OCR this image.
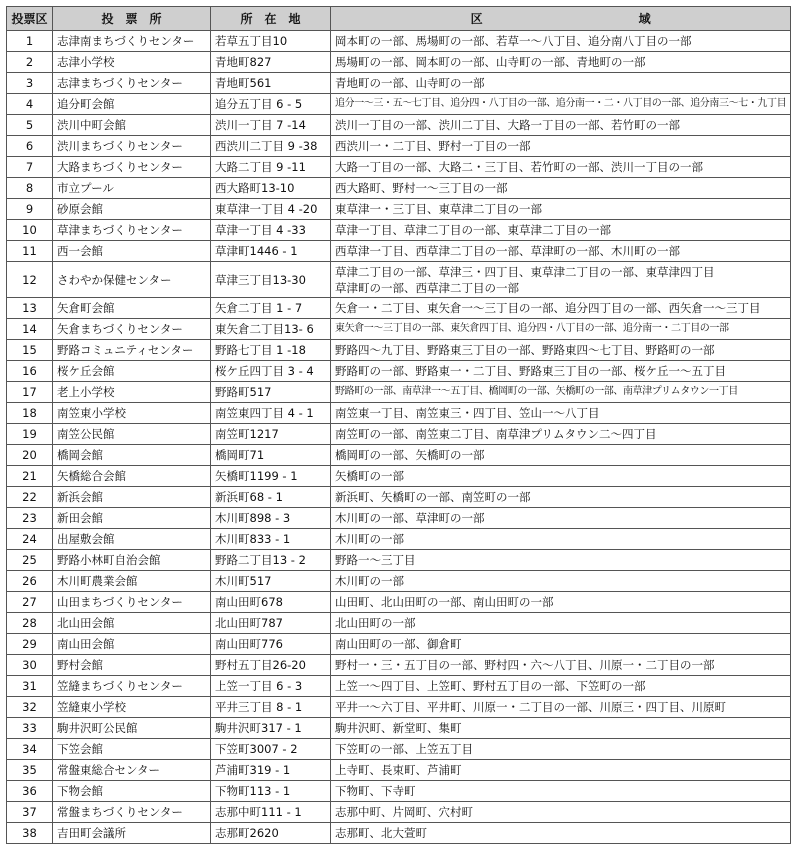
投票区	投　票　所	所　在　地	区　　　　　　　　　　　　　域
1	志津南まちづくりセンター	若草五丁目10	岡本町の一部、馬場町の一部、若草一～八丁目、追分南八丁目の一部

2	志津小学校	青地町827	馬場町の一部、岡本町の一部、山寺町の一部、青地町の一部

3	志津まちづくりセンター	青地町561	青地町の一部、山寺町の一部

4	追分町会館	追分五丁目 6 - 5	追分一～三・五～七丁目、追分四・八丁目の一部、追分南一・二・八丁目の一部、追分南三～七・九丁目

5	渋川中町会館	渋川一丁目 7 -14	渋川一丁目の一部、渋川二丁目、大路一丁目の一部、若竹町の一部

6	渋川まちづくりセンター	西渋川二丁目 9 -38	西渋川一・二丁目、野村一丁目の一部

7	大路まちづくりセンター	大路二丁目 9 -11	大路一丁目の一部、大路二・三丁目、若竹町の一部、渋川一丁目の一部

8	市立プール	西大路町13-10	西大路町、野村一～三丁目の一部

9	砂原会館	東草津一丁目 4 -20	東草津一・三丁目、東草津二丁目の一部

10	草津まちづくりセンター	草津一丁目 4 -33	草津一丁目、草津二丁目の一部、東草津二丁目の一部

11	西一会館	草津町1446 - 1	西草津一丁目、西草津二丁目の一部、草津町の一部、木川町の一部

12	さわやか保健センター	草津三丁目13-30	草津二丁目の一部、草津三・四丁目、東草津二丁目の一部、東草津四丁目
草津町の一部、西草津二丁目の一部

13	矢倉町会館	矢倉二丁目 1 - 7	矢倉一・二丁目、東矢倉一～三丁目の一部、追分四丁目の一部、西矢倉一～三丁目

14	矢倉まちづくりセンター	東矢倉二丁目13- 6	東矢倉一～三丁目の一部、東矢倉四丁目、追分四・八丁目の一部、追分南一・二丁目の一部

15	野路コミュニティセンター	野路七丁目 1 -18	野路四～九丁目、野路東三丁目の一部、野路東四～七丁目、野路町の一部

16	桜ケ丘会館	桜ケ丘四丁目 3 - 4	野路町の一部、野路東一・二丁目、野路東三丁目の一部、桜ケ丘一～五丁目

17	老上小学校	野路町517	野路町の一部、南草津一～五丁目、橋岡町の一部、矢橋町の一部、南草津プリムタウン一丁目

18	南笠東小学校	南笠東四丁目 4 - 1	南笠東一丁目、南笠東三・四丁目、笠山一～八丁目

19	南笠公民館	南笠町1217	南笠町の一部、南笠東二丁目、南草津プリムタウン二～四丁目

20	橋岡会館	橋岡町71	橋岡町の一部、矢橋町の一部

21	矢橋総合会館	矢橋町1199 - 1	矢橋町の一部

22	新浜会館	新浜町68 - 1	新浜町、矢橋町の一部、南笠町の一部

23	新田会館	木川町898 - 3	木川町の一部、草津町の一部

24	出屋敷会館	木川町833 - 1	木川町の一部

25	野路小林町自治会館	野路二丁目13 - 2	野路一～三丁目

26	木川町農業会館	木川町517	木川町の一部

27	山田まちづくりセンター	南山田町678	山田町、北山田町の一部、南山田町の一部

28	北山田会館	北山田町787	北山田町の一部

29	南山田会館	南山田町776	南山田町の一部、御倉町

30	野村会館	野村五丁目26-20	野村一・三・五丁目の一部、野村四・六～八丁目、川原一・二丁目の一部

31	笠縫まちづくりセンター	上笠一丁目 6 - 3	上笠一～四丁目、上笠町、野村五丁目の一部、下笠町の一部

32	笠縫東小学校	平井三丁目 8 - 1	平井一～六丁目、平井町、川原一・二丁目の一部、川原三・四丁目、川原町

33	駒井沢町公民館	駒井沢町317 - 1	駒井沢町、新堂町、集町

34	下笠会館	下笠町3007 - 2	下笠町の一部、上笠五丁目

35	常盤東総合センター	芦浦町319 - 1	上寺町、長束町、芦浦町

36	下物会館	下物町113 - 1	下物町、下寺町

37	常盤まちづくりセンター	志那中町111 - 1	志那中町、片岡町、穴村町

38	吉田町会議所	志那町2620	志那町、北大萱町
